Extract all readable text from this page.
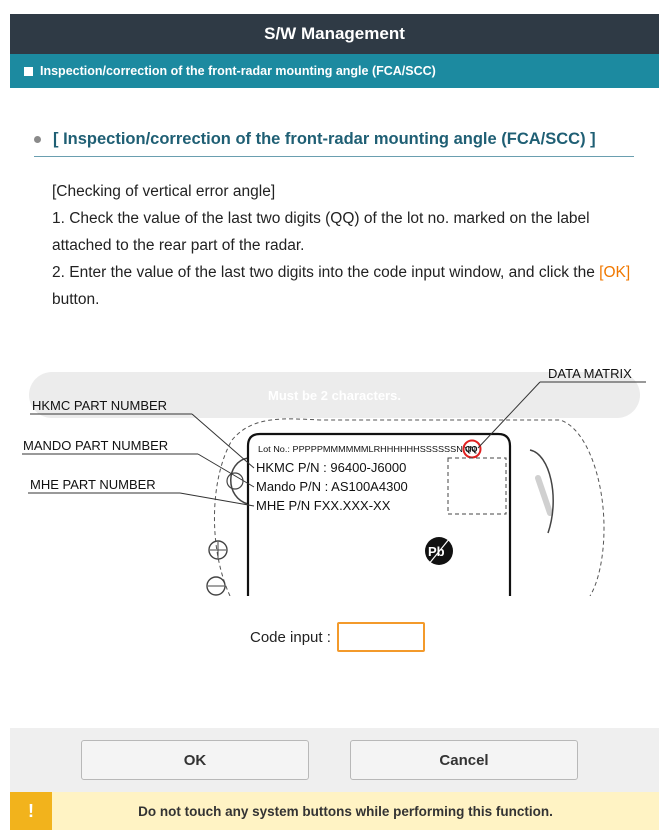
S/W Management
Inspection/correction of the front-radar mounting angle (FCA/SCC)
[ Inspection/correction of the front-radar mounting angle (FCA/SCC) ]

[Checking of vertical error angle]

1. Check the value of the last two digits (QQ) of the lot no. marked on the label attached to the rear part of the radar.

2. Enter the value of the last two digits into the code input window, and click the [OK] button.

Must be 2 characters.
Lot No.: PPPPPMMMMMMLRHHHHHHSSSSSSNNN
QQ
HKMC P/N : 96400-J6000
Mando P/N : AS100A4300
MHE P/N FXX.XXX-XX
Pb
DATA MATRIX
HKMC PART NUMBER
MANDO PART NUMBER
MHE PART NUMBER
Code input :
OK	Cancel
!	Do not touch any system buttons while performing this function.
